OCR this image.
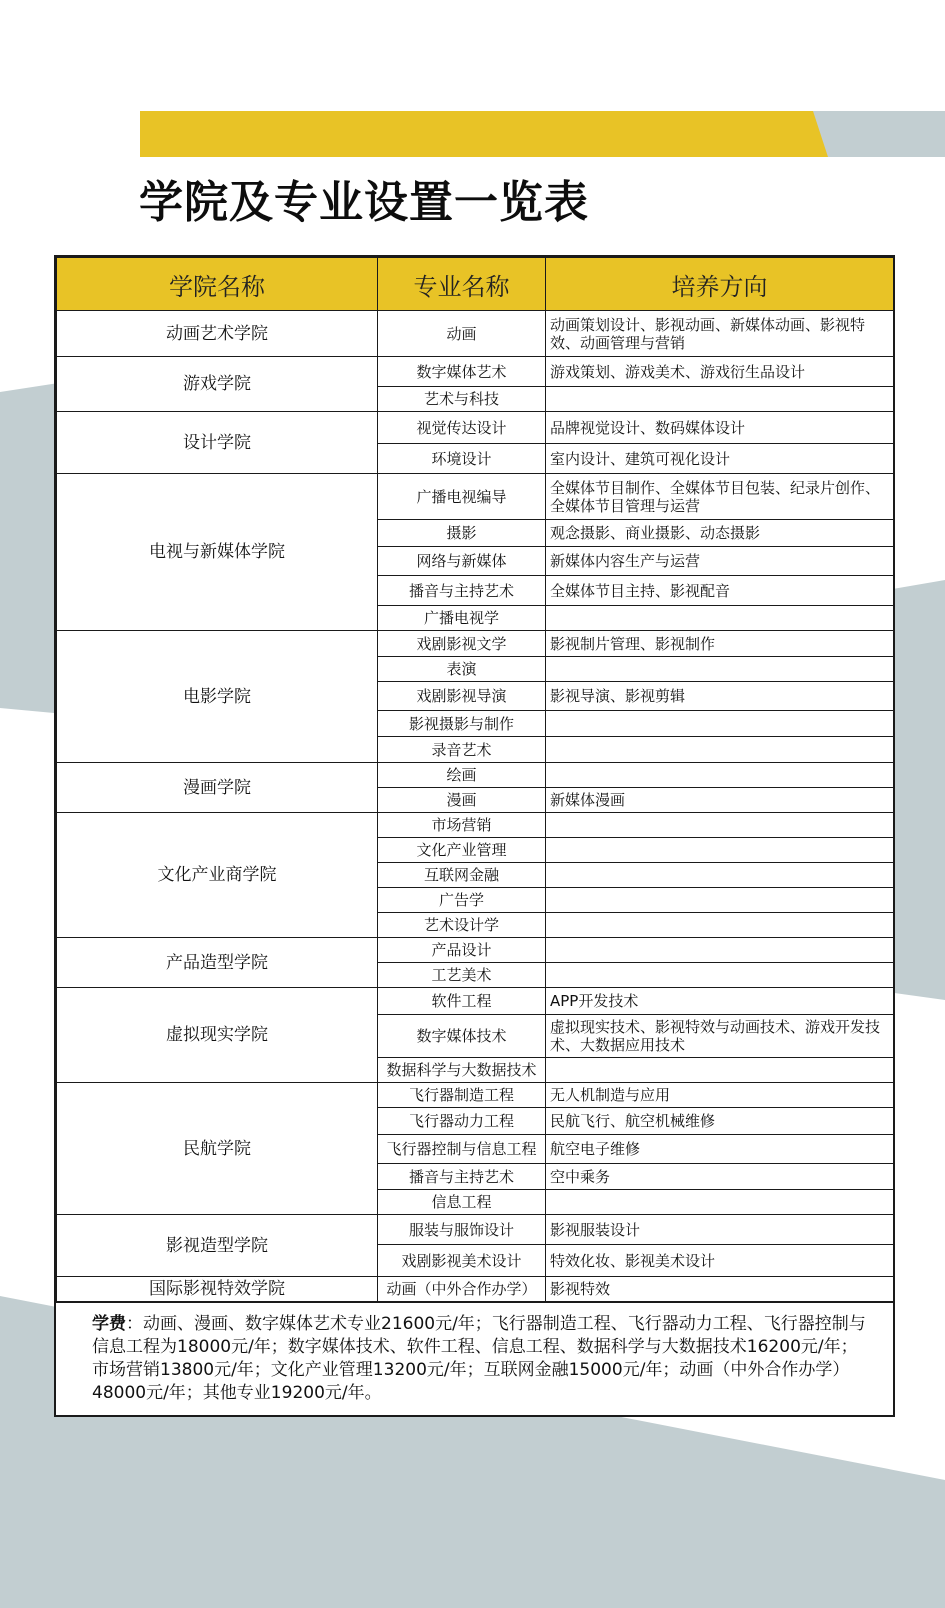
学院及专业设置一览表
学院名称	专业名称	培养方向
动画艺术学院	动画	动画策划设计、影视动画、新媒体动画、影视特效、动画管理与营销
游戏学院	数字媒体艺术	游戏策划、游戏美术、游戏衍生品设计
	艺术与科技	
设计学院	视觉传达设计	品牌视觉设计、数码媒体设计
	环境设计	室内设计、建筑可视化设计
电视与新媒体学院	广播电视编导	全媒体节目制作、全媒体节目包装、纪录片创作、全媒体节目管理与运营
	摄影	观念摄影、商业摄影、动态摄影
	网络与新媒体	新媒体内容生产与运营
	播音与主持艺术	全媒体节目主持、影视配音
	广播电视学	
电影学院	戏剧影视文学	影视制片管理、影视制作
	表演	
	戏剧影视导演	影视导演、影视剪辑
	影视摄影与制作	
	录音艺术	
漫画学院	绘画	
	漫画	新媒体漫画
文化产业商学院	市场营销	
	文化产业管理	
	互联网金融	
	广告学	
	艺术设计学	
产品造型学院	产品设计	
	工艺美术	
虚拟现实学院	软件工程	APP开发技术
	数字媒体技术	虚拟现实技术、影视特效与动画技术、游戏开发技术、大数据应用技术
	数据科学与大数据技术	
民航学院	飞行器制造工程	无人机制造与应用
	飞行器动力工程	民航飞行、航空机械维修
	飞行器控制与信息工程	航空电子维修
	播音与主持艺术	空中乘务
	信息工程	
影视造型学院	服装与服饰设计	影视服装设计
	戏剧影视美术设计	特效化妆、影视美术设计
国际影视特效学院	动画（中外合作办学）	影视特效
学费：动画、漫画、数字媒体艺术专业21600元/年；飞行器制造工程、飞行器动力工程、飞行器控制与信息工程为18000元/年；数字媒体技术、软件工程、信息工程、数据科学与大数据技术16200元/年；市场营销13800元/年；文化产业管理13200元/年；互联网金融15000元/年；动画（中外合作办学）48000元/年；其他专业19200元/年。
